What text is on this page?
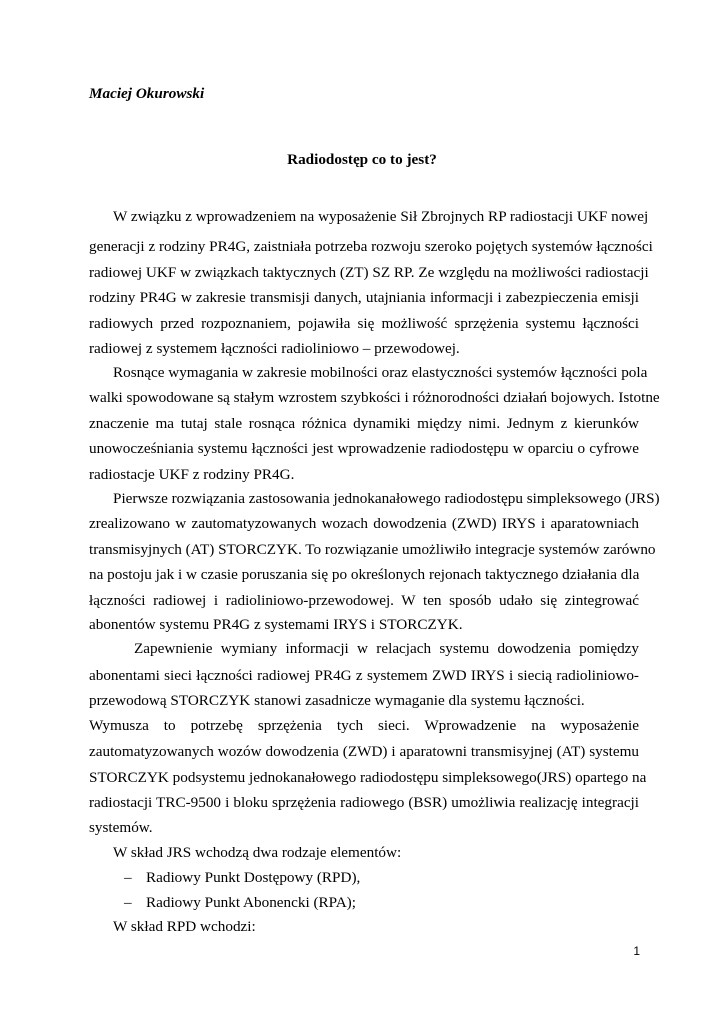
Maciej Okurowski
Radiodostęp co to jest?
W związku z wprowadzeniem na wyposażenie Sił Zbrojnych RP radiostacji UKF nowej
generacji z rodziny PR4G, zaistniała potrzeba rozwoju szeroko pojętych systemów łączności
radiowej UKF w związkach taktycznych (ZT) SZ RP. Ze względu na możliwości radiostacji
rodziny PR4G w zakresie transmisji danych, utajniania informacji i zabezpieczenia emisji
radiowych przed rozpoznaniem, pojawiła się możliwość sprzężenia systemu łączności
radiowej z systemem łączności radioliniowo – przewodowej.
Rosnące wymagania w zakresie mobilności oraz elastyczności systemów łączności pola
walki spowodowane są stałym wzrostem szybkości i różnorodności działań bojowych. Istotne
znaczenie ma tutaj stale rosnąca różnica dynamiki między nimi. Jednym z kierunków
unowocześniania systemu łączności jest wprowadzenie radiodostępu w oparciu o cyfrowe
radiostacje UKF z rodziny PR4G.
Pierwsze rozwiązania zastosowania jednokanałowego radiodostępu simpleksowego (JRS)
zrealizowano w zautomatyzowanych wozach dowodzenia (ZWD) IRYS i aparatowniach
transmisyjnych (AT) STORCZYK. To rozwiązanie umożliwiło integracje systemów zarówno
na postoju jak i w czasie poruszania się po określonych rejonach taktycznego działania dla
łączności radiowej i radioliniowo-przewodowej. W ten sposób udało się zintegrować
abonentów systemu PR4G z systemami IRYS i STORCZYK.
Zapewnienie wymiany informacji w relacjach systemu dowodzenia pomiędzy
abonentami sieci łączności radiowej PR4G z systemem ZWD IRYS i siecią radioliniowo-
przewodową STORCZYK stanowi zasadnicze wymaganie dla systemu łączności.
Wymusza to potrzebę sprzężenia tych sieci. Wprowadzenie na wyposażenie
zautomatyzowanych wozów dowodzenia (ZWD) i aparatowni transmisyjnej (AT) systemu
STORCZYK podsystemu jednokanałowego radiodostępu simpleksowego(JRS) opartego na
radiostacji TRC-9500 i bloku sprzężenia radiowego (BSR) umożliwia realizację integracji
systemów.
W skład JRS wchodzą dwa rodzaje elementów:
– Radiowy Punkt Dostępowy (RPD),
– Radiowy Punkt Abonencki (RPA);
W skład RPD wchodzi:
1
